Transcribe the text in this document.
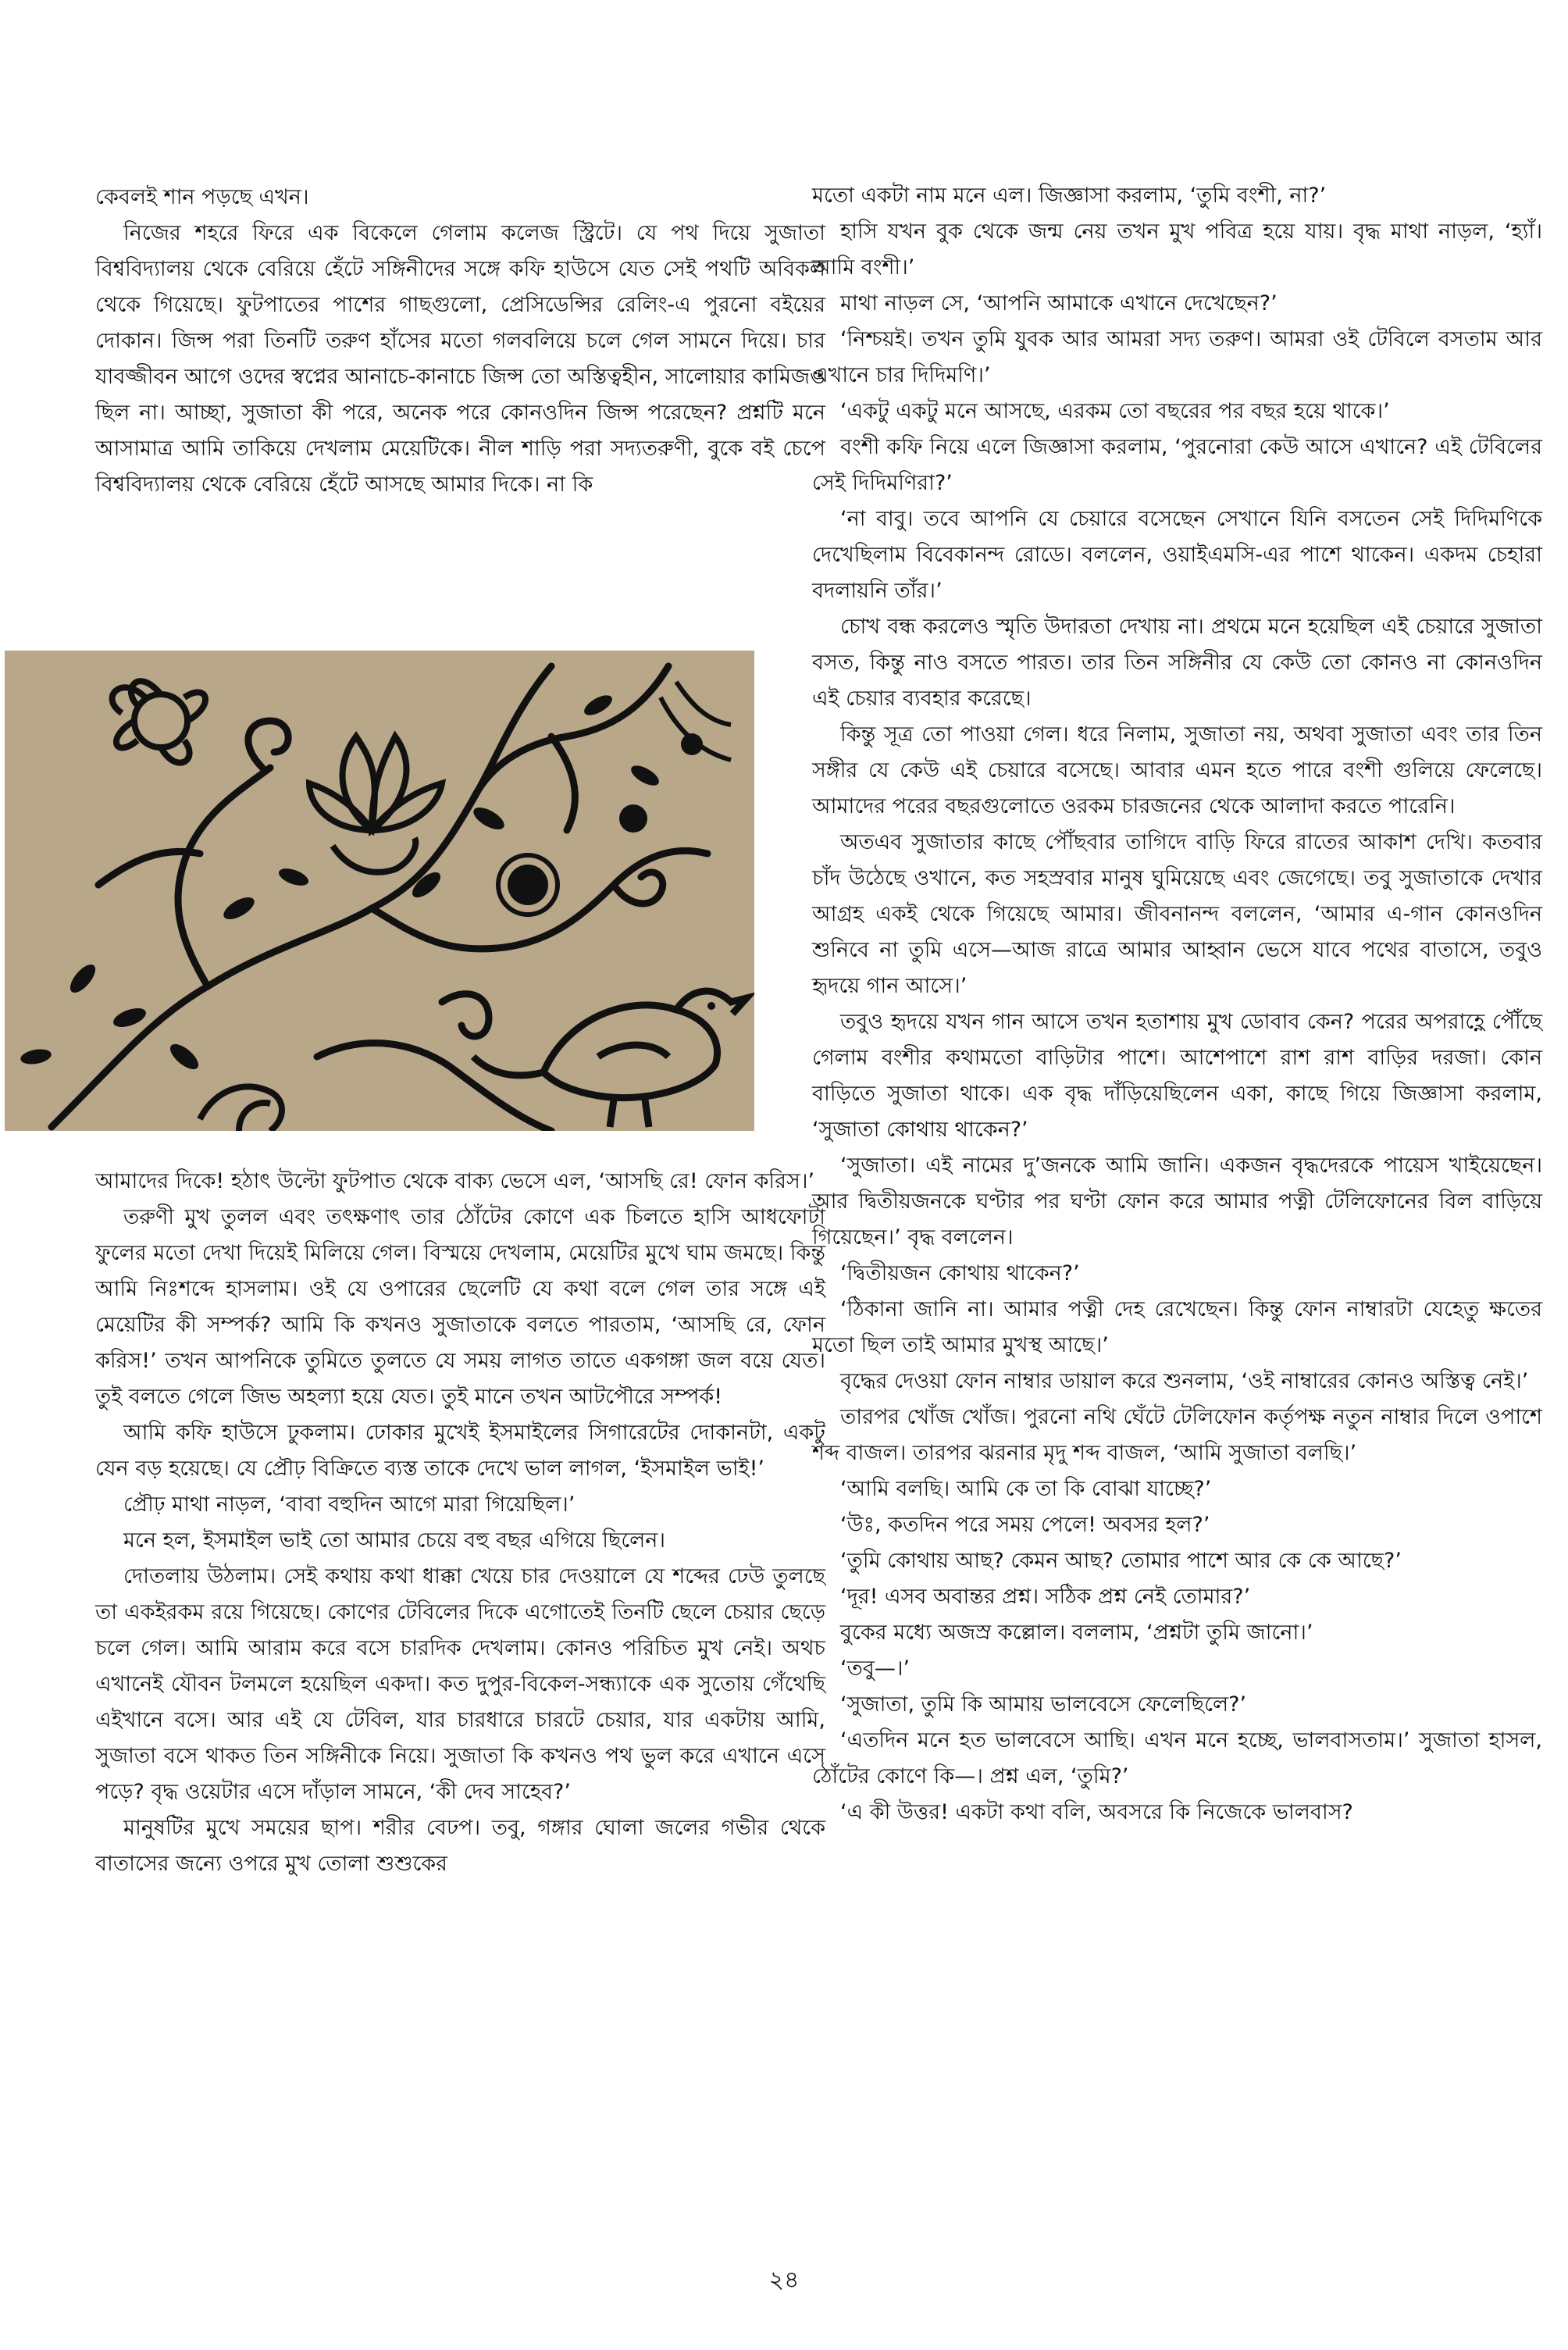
কেবলই শান পড়ছে এখন।

নিজের শহরে ফিরে এক বিকেলে গেলাম কলেজ স্ট্রিটে। যে পথ দিয়ে সুজাতা বিশ্ববিদ্যালয় থেকে বেরিয়ে হেঁটে সঙ্গিনীদের সঙ্গে কফি হাউসে যেত সেই পথটি অবিকল থেকে গিয়েছে। ফুটপাতের পাশের গাছগুলো, প্রেসিডেন্সির রেলিং-এ পুরনো বইয়ের দোকান। জিন্স পরা তিনটি তরুণ হাঁসের মতো গলবলিয়ে চলে গেল সামনে দিয়ে। চার যাবজ্জীবন আগে ওদের স্বপ্নের আনাচে-কানাচে জিন্স তো অস্তিত্বহীন, সালোয়ার কামিজও ছিল না। আচ্ছা, সুজাতা কী পরে, অনেক পরে কোনওদিন জিন্স পরেছেন? প্রশ্নটি মনে আসামাত্র আমি তাকিয়ে দেখলাম মেয়েটিকে। নীল শাড়ি পরা সদ্যতরুণী, বুকে বই চেপে বিশ্ববিদ্যালয় থেকে বেরিয়ে হেঁটে আসছে আমার দিকে। না কি

আমাদের দিকে! হঠাৎ উল্টো ফুটপাত থেকে বাক্য ভেসে এল, ‘আসছি রে! ফোন করিস।’

তরুণী মুখ তুলল এবং তৎক্ষণাৎ তার ঠোঁটের কোণে এক চিলতে হাসি আধফোটা ফুলের মতো দেখা দিয়েই মিলিয়ে গেল। বিস্ময়ে দেখলাম, মেয়েটির মুখে ঘাম জমছে। কিন্তু আমি নিঃশব্দে হাসলাম। ওই যে ওপারের ছেলেটি যে কথা বলে গেল তার সঙ্গে এই মেয়েটির কী সম্পর্ক? আমি কি কখনও সুজাতাকে বলতে পারতাম, ‘আসছি রে, ফোন করিস!’ তখন আপনিকে তুমিতে তুলতে যে সময় লাগত তাতে একগঙ্গা জল বয়ে যেত। তুই বলতে গেলে জিভ অহল্যা হয়ে যেত। তুই মানে তখন আটপৌরে সম্পর্ক!

আমি কফি হাউসে ঢুকলাম। ঢোকার মুখেই ইসমাইলের সিগারেটের দোকানটা, একটু যেন বড় হয়েছে। যে প্রৌঢ় বিক্রিতে ব্যস্ত তাকে দেখে ভাল লাগল, ‘ইসমাইল ভাই!’

প্রৌঢ় মাথা নাড়ল, ‘বাবা বহুদিন আগে মারা গিয়েছিল।’

মনে হল, ইসমাইল ভাই তো আমার চেয়ে বহু বছর এগিয়ে ছিলেন।

দোতলায় উঠলাম। সেই কথায় কথা ধাক্কা খেয়ে চার দেওয়ালে যে শব্দের ঢেউ তুলছে তা একইরকম রয়ে গিয়েছে। কোণের টেবিলের দিকে এগোতেই তিনটি ছেলে চেয়ার ছেড়ে চলে গেল। আমি আরাম করে বসে চারদিক দেখলাম। কোনও পরিচিত মুখ নেই। অথচ এখানেই যৌবন টলমলে হয়েছিল একদা। কত দুপুর-বিকেল-সন্ধ্যাকে এক সুতোয় গেঁথেছি এইখানে বসে। আর এই যে টেবিল, যার চারধারে চারটে চেয়ার, যার একটায় আমি, সুজাতা বসে থাকত তিন সঙ্গিনীকে নিয়ে। সুজাতা কি কখনও পথ ভুল করে এখানে এসে পড়ে? বৃদ্ধ ওয়েটার এসে দাঁড়াল সামনে, ‘কী দেব সাহেব?’

মানুষটির মুখে সময়ের ছাপ। শরীর বেঢপ। তবু, গঙ্গার ঘোলা জলের গভীর থেকে বাতাসের জন্যে ওপরে মুখ তোলা শুশুকের

মতো একটা নাম মনে এল। জিজ্ঞাসা করলাম, ‘তুমি বংশী, না?’

হাসি যখন বুক থেকে জন্ম নেয় তখন মুখ পবিত্র হয়ে যায়। বৃদ্ধ মাথা নাড়ল, ‘হ্যাঁ। আমি বংশী।’

মাথা নাড়ল সে, ‘আপনি আমাকে এখানে দেখেছেন?’

‘নিশ্চয়ই। তখন তুমি যুবক আর আমরা সদ্য তরুণ। আমরা ওই টেবিলে বসতাম আর এখানে চার দিদিমণি।’

‘একটু একটু মনে আসছে, এরকম তো বছরের পর বছর হয়ে থাকে।’

বংশী কফি নিয়ে এলে জিজ্ঞাসা করলাম, ‘পুরনোরা কেউ আসে এখানে? এই টেবিলের সেই দিদিমণিরা?’

‘না বাবু। তবে আপনি যে চেয়ারে বসেছেন সেখানে যিনি বসতেন সেই দিদিমণিকে দেখেছিলাম বিবেকানন্দ রোডে। বললেন, ওয়াইএমসি-এর পাশে থাকেন। একদম চেহারা বদলায়নি তাঁর।’

চোখ বন্ধ করলেও স্মৃতি উদারতা দেখায় না। প্রথমে মনে হয়েছিল এই চেয়ারে সুজাতা বসত, কিন্তু নাও বসতে পারত। তার তিন সঙ্গিনীর যে কেউ তো কোনও না কোনওদিন এই চেয়ার ব্যবহার করেছে।

কিন্তু সূত্র তো পাওয়া গেল। ধরে নিলাম, সুজাতা নয়, অথবা সুজাতা এবং তার তিন সঙ্গীর যে কেউ এই চেয়ারে বসেছে। আবার এমন হতে পারে বংশী গুলিয়ে ফেলেছে। আমাদের পরের বছরগুলোতে ওরকম চারজনের থেকে আলাদা করতে পারেনি।

অতএব সুজাতার কাছে পৌঁছবার তাগিদে বাড়ি ফিরে রাতের আকাশ দেখি। কতবার চাঁদ উঠেছে ওখানে, কত সহস্রবার মানুষ ঘুমিয়েছে এবং জেগেছে। তবু সুজাতাকে দেখার আগ্রহ একই থেকে গিয়েছে আমার। জীবনানন্দ বললেন, ‘আমার এ-গান কোনওদিন শুনিবে না তুমি এসে—আজ রাত্রে আমার আহ্বান ভেসে যাবে পথের বাতাসে, তবুও হৃদয়ে গান আসে।’

তবুও হৃদয়ে যখন গান আসে তখন হতাশায় মুখ ডোবাব কেন? পরের অপরাহ্ণে পৌঁছে গেলাম বংশীর কথামতো বাড়িটার পাশে। আশেপাশে রাশ রাশ বাড়ির দরজা। কোন বাড়িতে সুজাতা থাকে। এক বৃদ্ধ দাঁড়িয়েছিলেন একা, কাছে গিয়ে জিজ্ঞাসা করলাম, ‘সুজাতা কোথায় থাকেন?’

‘সুজাতা। এই নামের দু’জনকে আমি জানি। একজন বৃদ্ধদেরকে পায়েস খাইয়েছেন। আর দ্বিতীয়জনকে ঘণ্টার পর ঘণ্টা ফোন করে আমার পত্নী টেলিফোনের বিল বাড়িয়ে গিয়েছেন।’ বৃদ্ধ বললেন।

‘দ্বিতীয়জন কোথায় থাকেন?’

‘ঠিকানা জানি না। আমার পত্নী দেহ রেখেছেন। কিন্তু ফোন নাম্বারটা যেহেতু ক্ষতের মতো ছিল তাই আমার মুখস্থ আছে।’

বৃদ্ধের দেওয়া ফোন নাম্বার ডায়াল করে শুনলাম, ‘ওই নাম্বারের কোনও অস্তিত্ব নেই।’

তারপর খোঁজ খোঁজ। পুরনো নথি ঘেঁটে টেলিফোন কর্তৃপক্ষ নতুন নাম্বার দিলে ওপাশে শব্দ বাজল। তারপর ঝরনার মৃদু শব্দ বাজল, ‘আমি সুজাতা বলছি।’

‘আমি বলছি। আমি কে তা কি বোঝা যাচ্ছে?’

‘উঃ, কতদিন পরে সময় পেলে! অবসর হল?’

‘তুমি কোথায় আছ? কেমন আছ? তোমার পাশে আর কে কে আছে?’

‘দূর! এসব অবান্তর প্রশ্ন। সঠিক প্রশ্ন নেই তোমার?’

বুকের মধ্যে অজস্র কল্লোল। বললাম, ‘প্রশ্নটা তুমি জানো।’

‘তবু—।’

‘সুজাতা, তুমি কি আমায় ভালবেসে ফেলেছিলে?’

‘এতদিন মনে হত ভালবেসে আছি। এখন মনে হচ্ছে, ভালবাসতাম।’ সুজাতা হাসল, ঠোঁটের কোণে কি—। প্রশ্ন এল, ‘তুমি?’

‘এ কী উত্তর! একটা কথা বলি, অবসরে কি নিজেকে ভালবাস?

২৪
